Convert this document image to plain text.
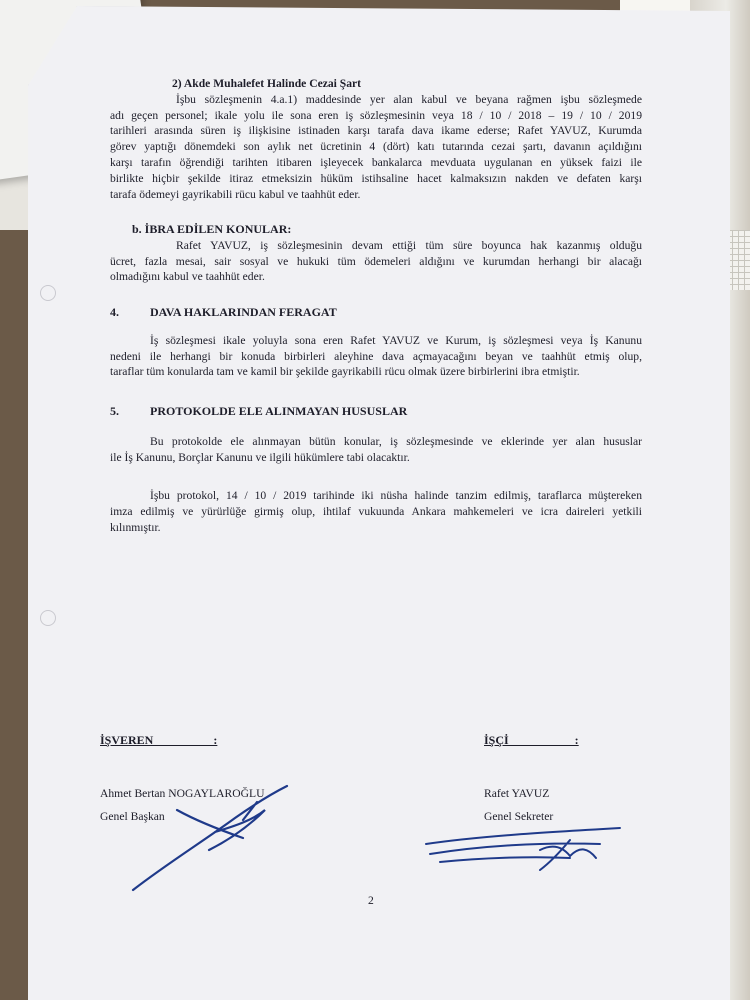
2) Akde Muhalefet Halinde Cezai Şart
İşbu sözleşmenin 4.a.1) maddesinde yer alan kabul ve beyana rağmen işbu sözleşmede
adı geçen personel; ikale yolu ile sona eren iş sözleşmesinin veya 18 / 10 / 2018 – 19 / 10 / 2019
tarihleri arasında süren iş ilişkisine istinaden karşı tarafa dava ikame ederse; Rafet YAVUZ, Kurumda
görev yaptığı dönemdeki son aylık net ücretinin 4 (dört) katı tutarında cezai şartı, davanın açıldığını
karşı tarafın öğrendiği tarihten itibaren işleyecek bankalarca mevduata uygulanan en yüksek faizi ile
birlikte hiçbir şekilde itiraz etmeksizin hüküm istihsaline hacet kalmaksızın nakden ve defaten karşı
tarafa ödemeyi gayrikabili rücu kabul ve taahhüt eder.
b. İBRA EDİLEN KONULAR:
Rafet YAVUZ, iş sözleşmesinin devam ettiği tüm süre boyunca hak kazanmış olduğu
ücret, fazla mesai, sair sosyal ve hukuki tüm ödemeleri aldığını ve kurumdan herhangi bir alacağı
olmadığını kabul ve taahhüt eder.
4.	DAVA HAKLARINDAN FERAGAT
İş sözleşmesi ikale yoluyla sona eren Rafet YAVUZ ve Kurum, iş sözleşmesi veya İş Kanunu
nedeni ile herhangi bir konuda birbirleri aleyhine dava açmayacağını beyan ve taahhüt etmiş olup,
taraflar tüm konularda tam ve kamil bir şekilde gayrikabili rücu olmak üzere birbirlerini ibra etmiştir.
5.	PROTOKOLDE ELE ALINMAYAN HUSUSLAR
Bu protokolde ele alınmayan bütün konular, iş sözleşmesinde ve eklerinde yer alan hususlar
ile İş Kanunu, Borçlar Kanunu ve ilgili hükümlere tabi olacaktır.
İşbu protokol, 14 / 10 / 2019 tarihinde iki nüsha halinde tanzim edilmiş, taraflarca müştereken
imza edilmiş ve yürürlüğe girmiş olup, ihtilaf vukuunda Ankara mahkemeleri ve icra daireleri yetkili
kılınmıştır.
İŞVEREN                    :
Ahmet Bertan NOGAYLAROĞLU
Genel Başkan
İŞÇİ                      :
Rafet YAVUZ
Genel Sekreter
2
